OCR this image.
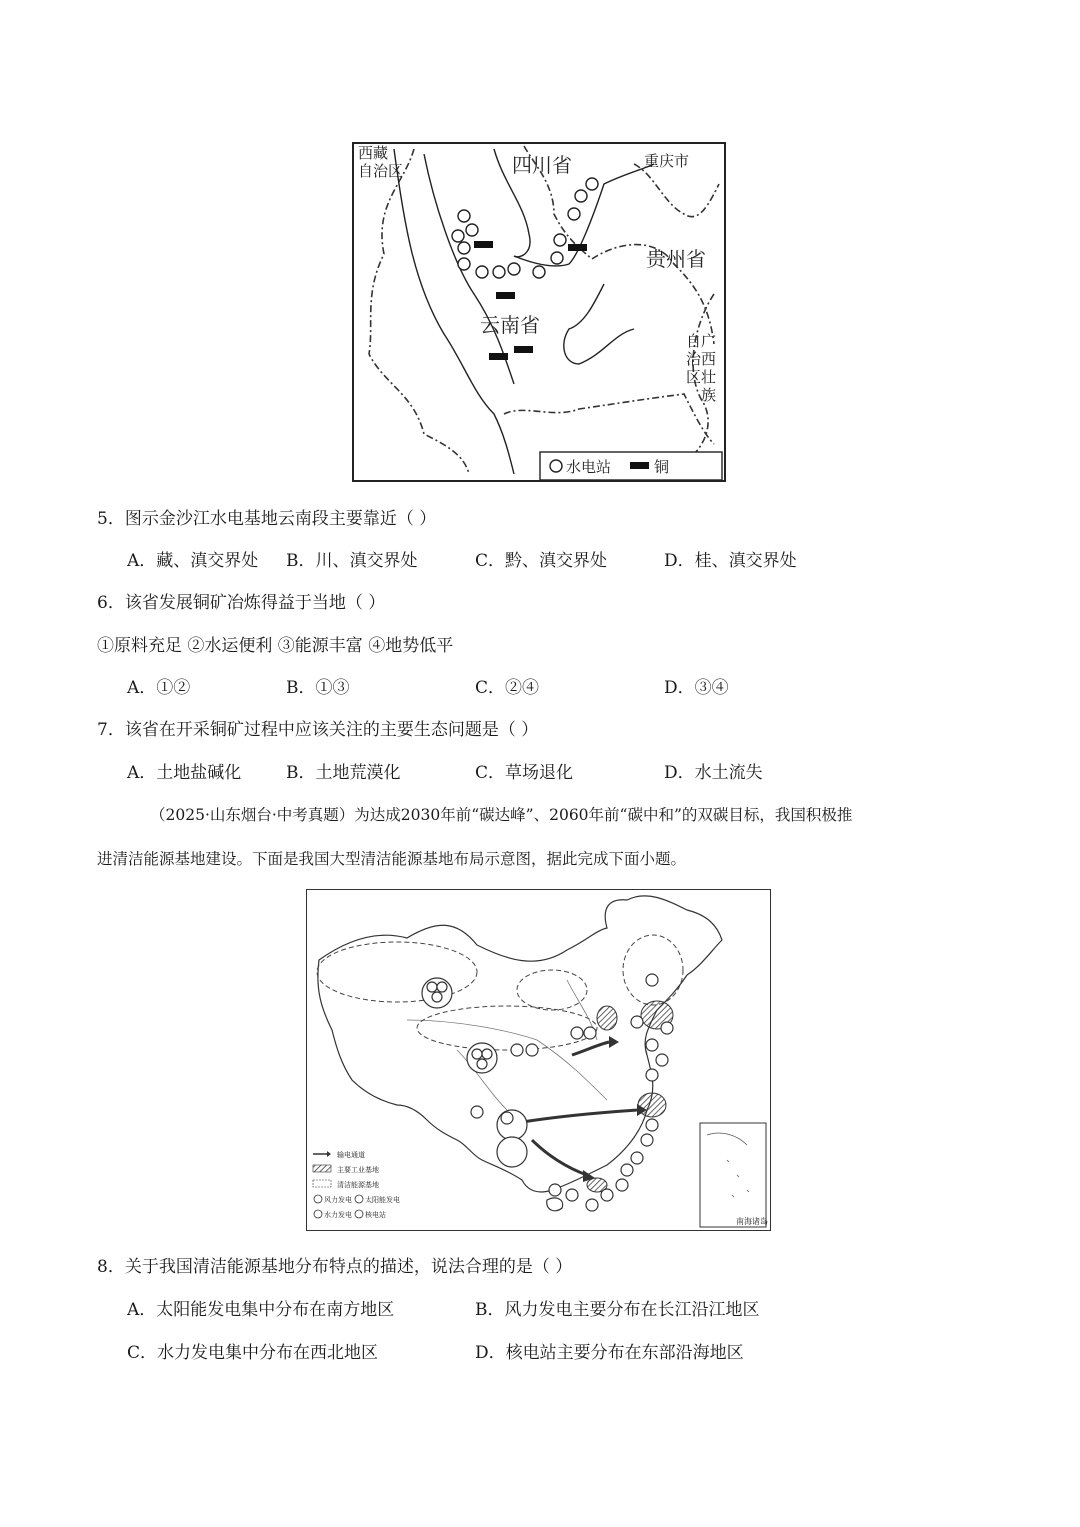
西藏
自治区	四川省	重庆市
贵州省
云南省
自广
治西
区壮
族
水电站	铜
5．图示金沙江水电基地云南段主要靠近（ ）
A．藏、滇交界处 B．川、滇交界处	C．黔、滇交界处	D．桂、滇交界处
6．该省发展铜矿冶炼得益于当地（ ）
①原料充足 ②水运便利 ③能源丰富 ④地势低平
A．①②	B．①③	C．②④	D．③④
7．该省在开采铜矿过程中应该关注的主要生态问题是（ ）
A．土地盐碱化	B．土地荒漠化	C．草场退化	D．水土流失
（2025·山东烟台·中考真题）为达成2030年前“碳达峰”、2060年前“碳中和”的双碳目标，我国积极推
进清洁能源基地建设。下面是我国大型清洁能源基地布局示意图，据此完成下面小题。
输电通道
主要工业基地
清洁能源基地
风力发电 太阳能发电
水力发电 核电站
南海诸岛
8．关于我国清洁能源基地分布特点的描述，说法合理的是（ ）
A．太阳能发电集中分布在南方地区	B．风力发电主要分布在长江沿江地区
C．水力发电集中分布在西北地区	D．核电站主要分布在东部沿海地区
